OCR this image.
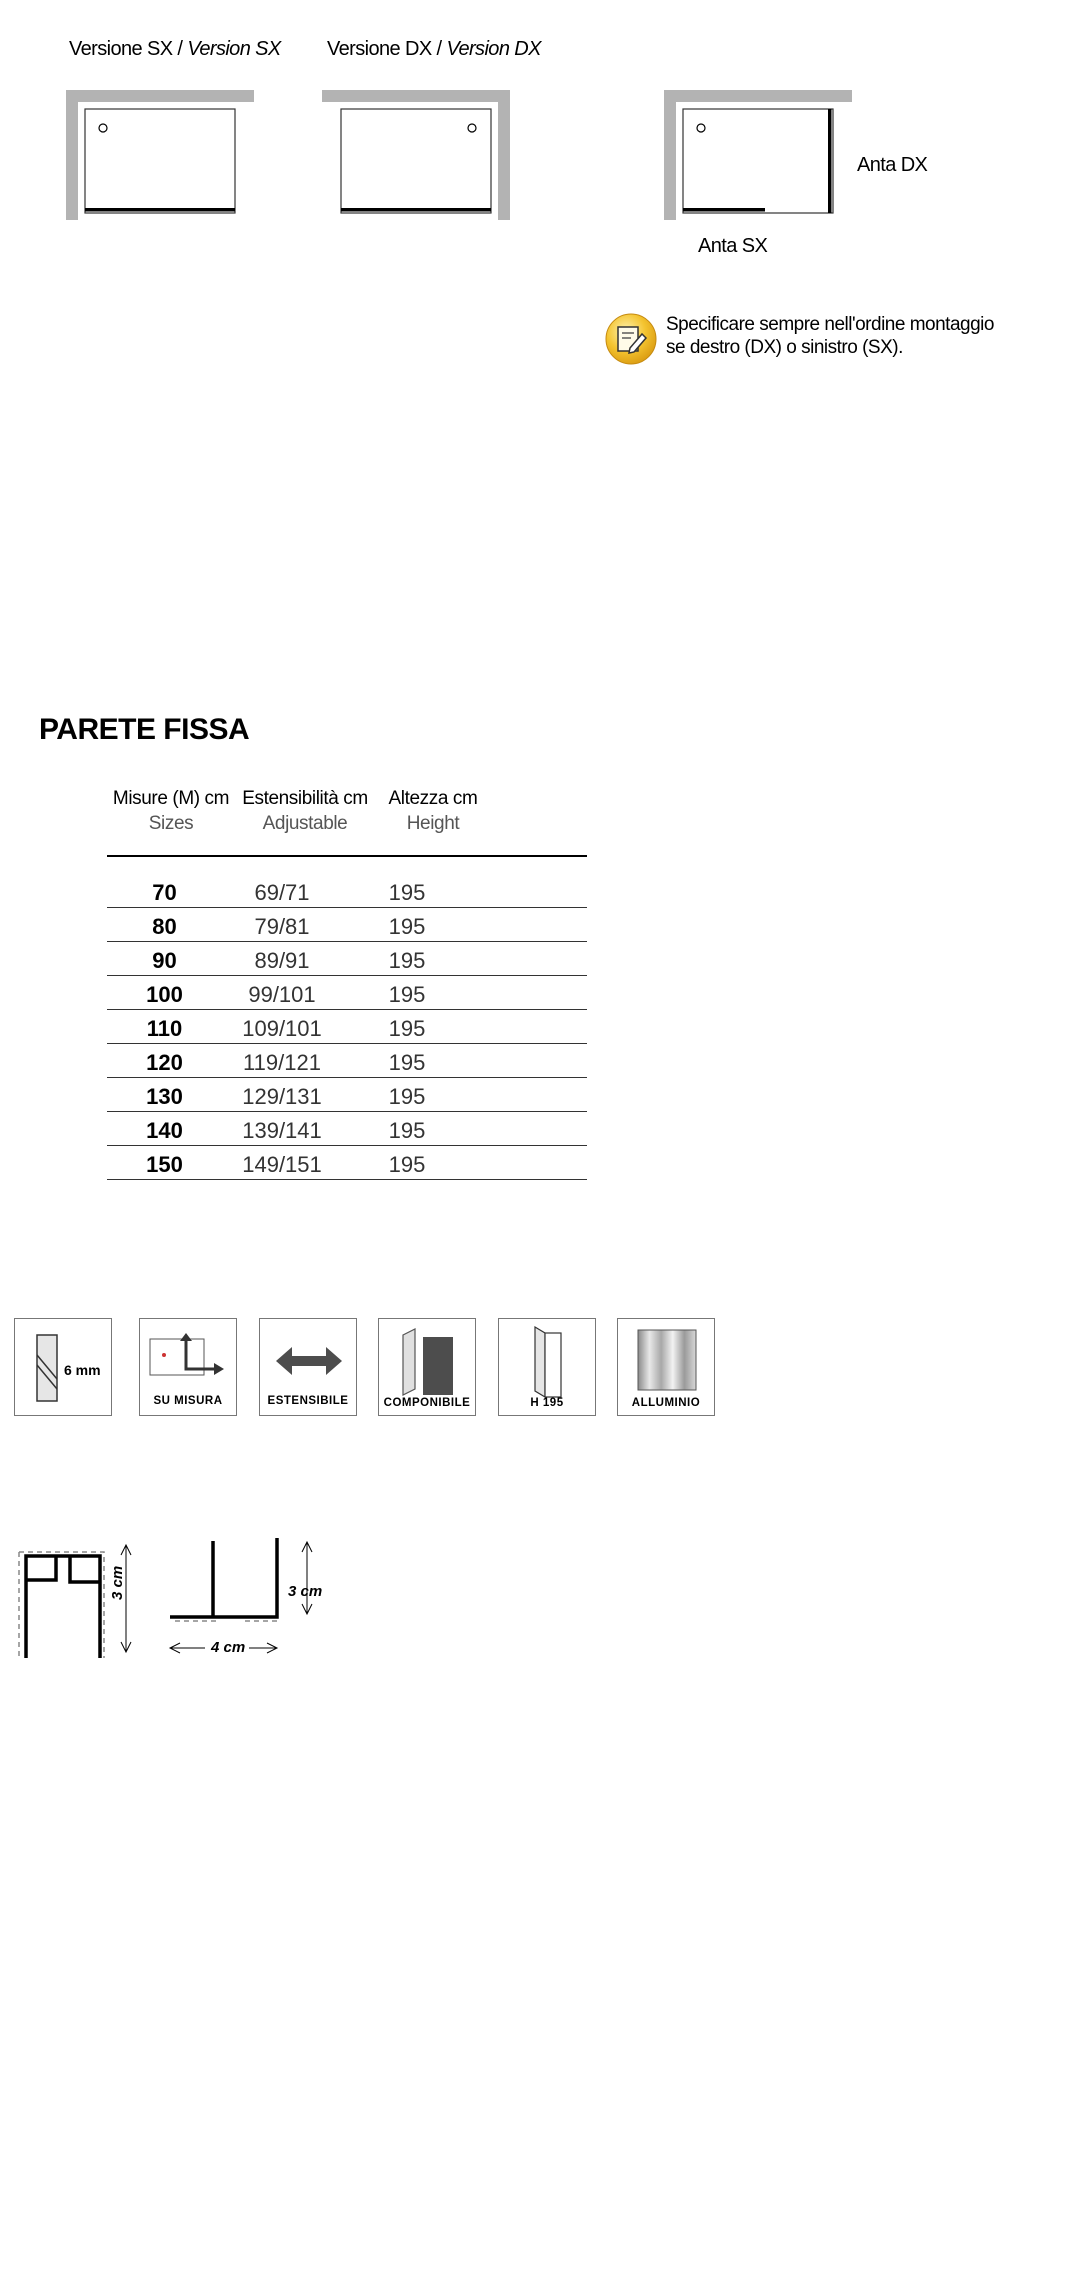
Versione SX / Version SX Versione DX / Version DX
Anta DX
Anta SX
Specificare sempre nell'ordine montaggio
se destro (DX) o sinistro (SX).
PARETE FISSA
Misure (M) cm
Sizes
Estensibilità cm
Adjustable
Altezza cm
Height
70	69/71	195
80	79/81	195
90	89/91	195
100	99/101	195
110	109/101	195
120	119/121	195
130	129/131	195
140	139/141	195
150	149/151	195
6 mm
SU MISURA	ESTENSIBILE	COMPONIBILE	H 195	ALLUMINIO
3 cm	3 cm
4 cm
